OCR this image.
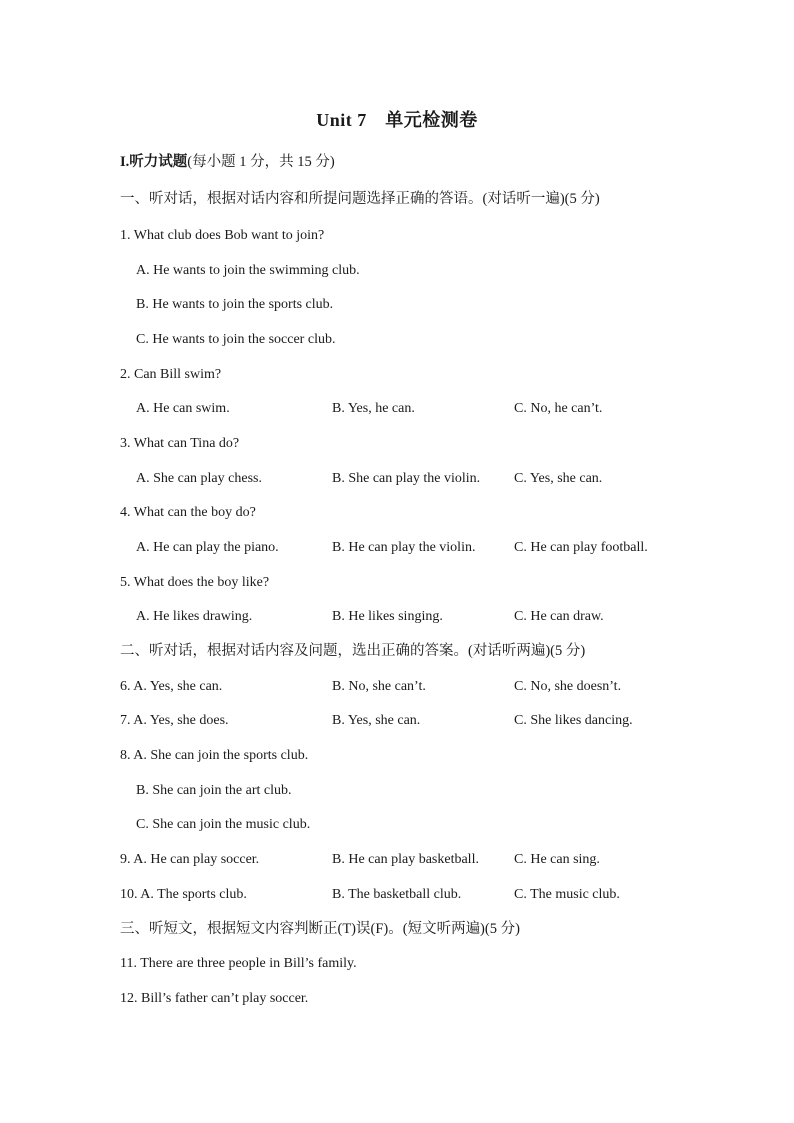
Unit 7　单元检测卷
I.听力试题(每小题 1 分，共 15 分)
一、听对话，根据对话内容和所提问题选择正确的答语。(对话听一遍)(5 分)
1. What club does Bob want to join?
A. He wants to join the swimming club.
B. He wants to join the sports club.
C. He wants to join the soccer club.
2. Can Bill swim?
A. He can swim.	B. Yes, he can.	C. No, he can’t.
3. What can Tina do?
A. She can play chess.	B. She can play the violin. C. Yes, she can.
4. What can the boy do?
A. He can play the piano.	B. He can play the violin.	C. He can play football.
5. What does the boy like?
A. He likes drawing.	B. He likes singing.	C. He can draw.
二、听对话，根据对话内容及问题，选出正确的答案。(对话听两遍)(5 分)
6. A. Yes, she can.	B. No, she can’t.	C. No, she doesn’t.
7. A. Yes, she does.	B. Yes, she can.	C. She likes dancing.
8. A. She can join the sports club.
B. She can join the art club.
C. She can join the music club.
9. A. He can play soccer.	B. He can play basketball.	C. He can sing.
10. A. The sports club.	B. The basketball club.	C. The music club.
三、听短文，根据短文内容判断正(T)误(F)。(短文听两遍)(5 分)
11. There are three people in Bill’s family.
12. Bill’s father can’t play soccer.
